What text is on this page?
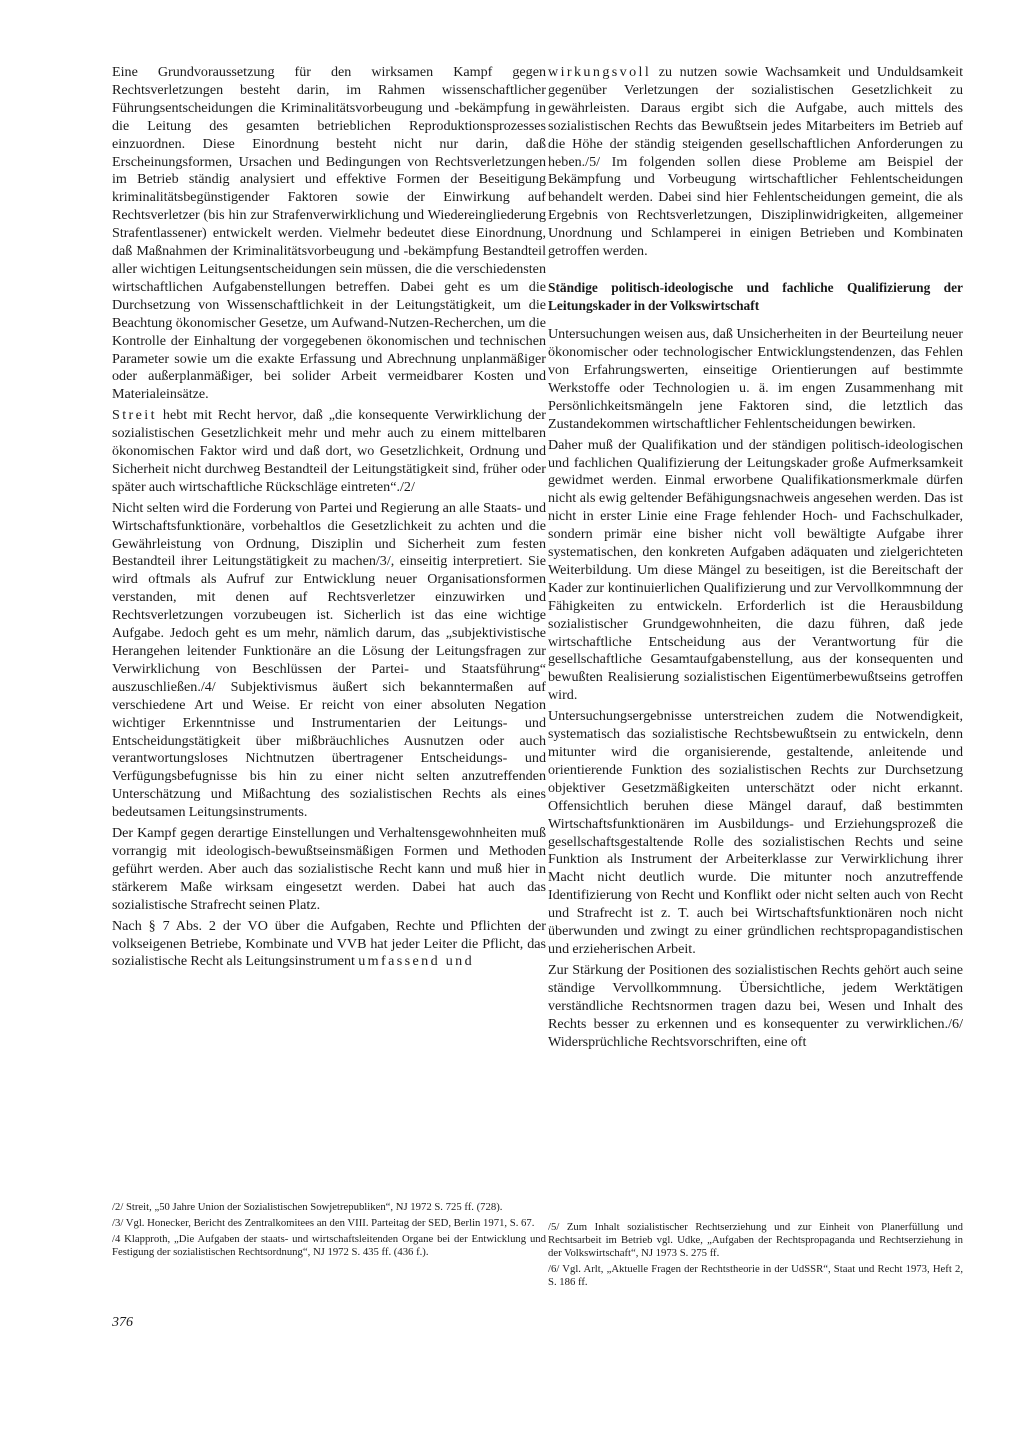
Eine Grundvoraussetzung für den wirksamen Kampf gegen Rechtsverletzungen besteht darin, im Rahmen wissenschaftlicher Führungsentscheidungen die Kriminalitätsvorbeugung und -bekämpfung in die Leitung des gesamten betrieblichen Reproduktionsprozesses einzuordnen. Diese Einordnung besteht nicht nur darin, daß Erscheinungsformen, Ursachen und Bedingungen von Rechtsverletzungen im Betrieb ständig analysiert und effektive Formen der Beseitigung kriminalitätsbegünstigender Faktoren sowie der Einwirkung auf Rechtsverletzer (bis hin zur Strafenverwirklichung und Wiedereingliederung Strafentlassener) entwickelt werden. Vielmehr bedeutet diese Einordnung, daß Maßnahmen der Kriminalitätsvorbeugung und -bekämpfung Bestandteil aller wichtigen Leitungsentscheidungen sein müssen, die die verschiedensten wirtschaftlichen Aufgabenstellungen betreffen. Dabei geht es um die Durchsetzung von Wissenschaftlichkeit in der Leitungstätigkeit, um die Beachtung ökonomischer Gesetze, um Aufwand-Nutzen-Recherchen, um die Kontrolle der Einhaltung der vorgegebenen ökonomischen und technischen Parameter sowie um die exakte Erfassung und Abrechnung unplanmäßiger oder außerplanmäßiger, bei solider Arbeit vermeidbarer Kosten und Materialeinsätze.

Streit hebt mit Recht hervor, daß „die konsequente Verwirklichung der sozialistischen Gesetzlichkeit mehr und mehr auch zu einem mittelbaren ökonomischen Faktor wird und daß dort, wo Gesetzlichkeit, Ordnung und Sicherheit nicht durchweg Bestandteil der Leitungstätigkeit sind, früher oder später auch wirtschaftliche Rückschläge eintreten“./2/

Nicht selten wird die Forderung von Partei und Regierung an alle Staats- und Wirtschaftsfunktionäre, vorbehaltlos die Gesetzlichkeit zu achten und die Gewährleistung von Ordnung, Disziplin und Sicherheit zum festen Bestandteil ihrer Leitungstätigkeit zu machen/3/, einseitig interpretiert. Sie wird oftmals als Aufruf zur Entwicklung neuer Organisationsformen verstanden, mit denen auf Rechtsverletzer einzuwirken und Rechtsverletzungen vorzubeugen ist. Sicherlich ist das eine wichtige Aufgabe. Jedoch geht es um mehr, nämlich darum, das „subjektivistische Herangehen leitender Funktionäre an die Lösung der Leitungsfragen zur Verwirklichung von Beschlüssen der Partei- und Staatsführung“ auszuschließen./4/ Subjektivismus äußert sich bekanntermaßen auf verschiedene Art und Weise. Er reicht von einer absoluten Negation wichtiger Erkenntnisse und Instrumentarien der Leitungs- und Entscheidungstätigkeit über mißbräuchliches Ausnutzen oder auch verantwortungsloses Nichtnutzen übertragener Entscheidungs- und Verfügungsbefugnisse bis hin zu einer nicht selten anzutreffenden Unterschätzung und Mißachtung des sozialistischen Rechts als eines bedeutsamen Leitungsinstruments.

Der Kampf gegen derartige Einstellungen und Verhaltensgewohnheiten muß vorrangig mit ideologisch-bewußtseinsmäßigen Formen und Methoden geführt werden. Aber auch das sozialistische Recht kann und muß hier in stärkerem Maße wirksam eingesetzt werden. Dabei hat auch das sozialistische Strafrecht seinen Platz.

Nach § 7 Abs. 2 der VO über die Aufgaben, Rechte und Pflichten der volkseigenen Betriebe, Kombinate und VVB hat jeder Leiter die Pflicht, das sozialistische Recht als Leitungsinstrument umfassend und

wirkungsvoll zu nutzen sowie Wachsamkeit und Unduldsamkeit gegenüber Verletzungen der sozialistischen Gesetzlichkeit zu gewährleisten. Daraus ergibt sich die Aufgabe, auch mittels des sozialistischen Rechts das Bewußtsein jedes Mitarbeiters im Betrieb auf die Höhe der ständig steigenden gesellschaftlichen Anforderungen zu heben./5/ Im folgenden sollen diese Probleme am Beispiel der Bekämpfung und Vorbeugung wirtschaftlicher Fehlentscheidungen behandelt werden. Dabei sind hier Fehlentscheidungen gemeint, die als Ergebnis von Rechtsverletzungen, Disziplinwidrigkeiten, allgemeiner Unordnung und Schlamperei in einigen Betrieben und Kombinaten getroffen werden.

Ständige politisch-ideologische und fachliche Qualifizierung der Leitungskader in der Volkswirtschaft

Untersuchungen weisen aus, daß Unsicherheiten in der Beurteilung neuer ökonomischer oder technologischer Entwicklungstendenzen, das Fehlen von Erfahrungswerten, einseitige Orientierungen auf bestimmte Werkstoffe oder Technologien u. ä. im engen Zusammenhang mit Persönlichkeitsmängeln jene Faktoren sind, die letztlich das Zustandekommen wirtschaftlicher Fehlentscheidungen bewirken.

Daher muß der Qualifikation und der ständigen politisch-ideologischen und fachlichen Qualifizierung der Leitungskader große Aufmerksamkeit gewidmet werden. Einmal erworbene Qualifikationsmerkmale dürfen nicht als ewig geltender Befähigungsnachweis angesehen werden. Das ist nicht in erster Linie eine Frage fehlender Hoch- und Fachschulkader, sondern primär eine bisher nicht voll bewältigte Aufgabe ihrer systematischen, den konkreten Aufgaben adäquaten und zielgerichteten Weiterbildung. Um diese Mängel zu beseitigen, ist die Bereitschaft der Kader zur kontinuierlichen Qualifizierung und zur Vervollkommnung der Fähigkeiten zu entwickeln. Erforderlich ist die Herausbildung sozialistischer Grundgewohnheiten, die dazu führen, daß jede wirtschaftliche Entscheidung aus der Verantwortung für die gesellschaftliche Gesamtaufgabenstellung, aus der konsequenten und bewußten Realisierung sozialistischen Eigentümerbewußtseins getroffen wird.

Untersuchungsergebnisse unterstreichen zudem die Notwendigkeit, systematisch das sozialistische Rechtsbewußtsein zu entwickeln, denn mitunter wird die organisierende, gestaltende, anleitende und orientierende Funktion des sozialistischen Rechts zur Durchsetzung objektiver Gesetzmäßigkeiten unterschätzt oder nicht erkannt. Offensichtlich beruhen diese Mängel darauf, daß bestimmten Wirtschaftsfunktionären im Ausbildungs- und Erziehungsprozeß die gesellschaftsgestaltende Rolle des sozialistischen Rechts und seine Funktion als Instrument der Arbeiterklasse zur Verwirklichung ihrer Macht nicht deutlich wurde. Die mitunter noch anzutreffende Identifizierung von Recht und Konflikt oder nicht selten auch von Recht und Strafrecht ist z. T. auch bei Wirtschaftsfunktionären noch nicht überwunden und zwingt zu einer gründlichen rechtspropagandistischen und erzieherischen Arbeit.

Zur Stärkung der Positionen des sozialistischen Rechts gehört auch seine ständige Vervollkommnung. Übersichtliche, jedem Werktätigen verständliche Rechtsnormen tragen dazu bei, Wesen und Inhalt des Rechts besser zu erkennen und es konsequenter zu verwirklichen./6/ Widersprüchliche Rechtsvorschriften, eine oft

/2/ Streit, „50 Jahre Union der Sozialistischen Sowjetrepubliken“, NJ 1972 S. 725 ff. (728).

/3/ Vgl. Honecker, Bericht des Zentralkomitees an den VIII. Parteitag der SED, Berlin 1971, S. 67.

/4 Klapproth, „Die Aufgaben der staats- und wirtschaftsleitenden Organe bei der Entwicklung und Festigung der sozialistischen Rechtsordnung“, NJ 1972 S. 435 ff. (436 f.).

/5/ Zum Inhalt sozialistischer Rechtserziehung und zur Einheit von Planerfüllung und Rechtsarbeit im Betrieb vgl. Udke, „Aufgaben der Rechtspropaganda und Rechtserziehung in der Volkswirtschaft“, NJ 1973 S. 275 ff.

/6/ Vgl. Arlt, „Aktuelle Fragen der Rechtstheorie in der UdSSR“, Staat und Recht 1973, Heft 2, S. 186 ff.

376
